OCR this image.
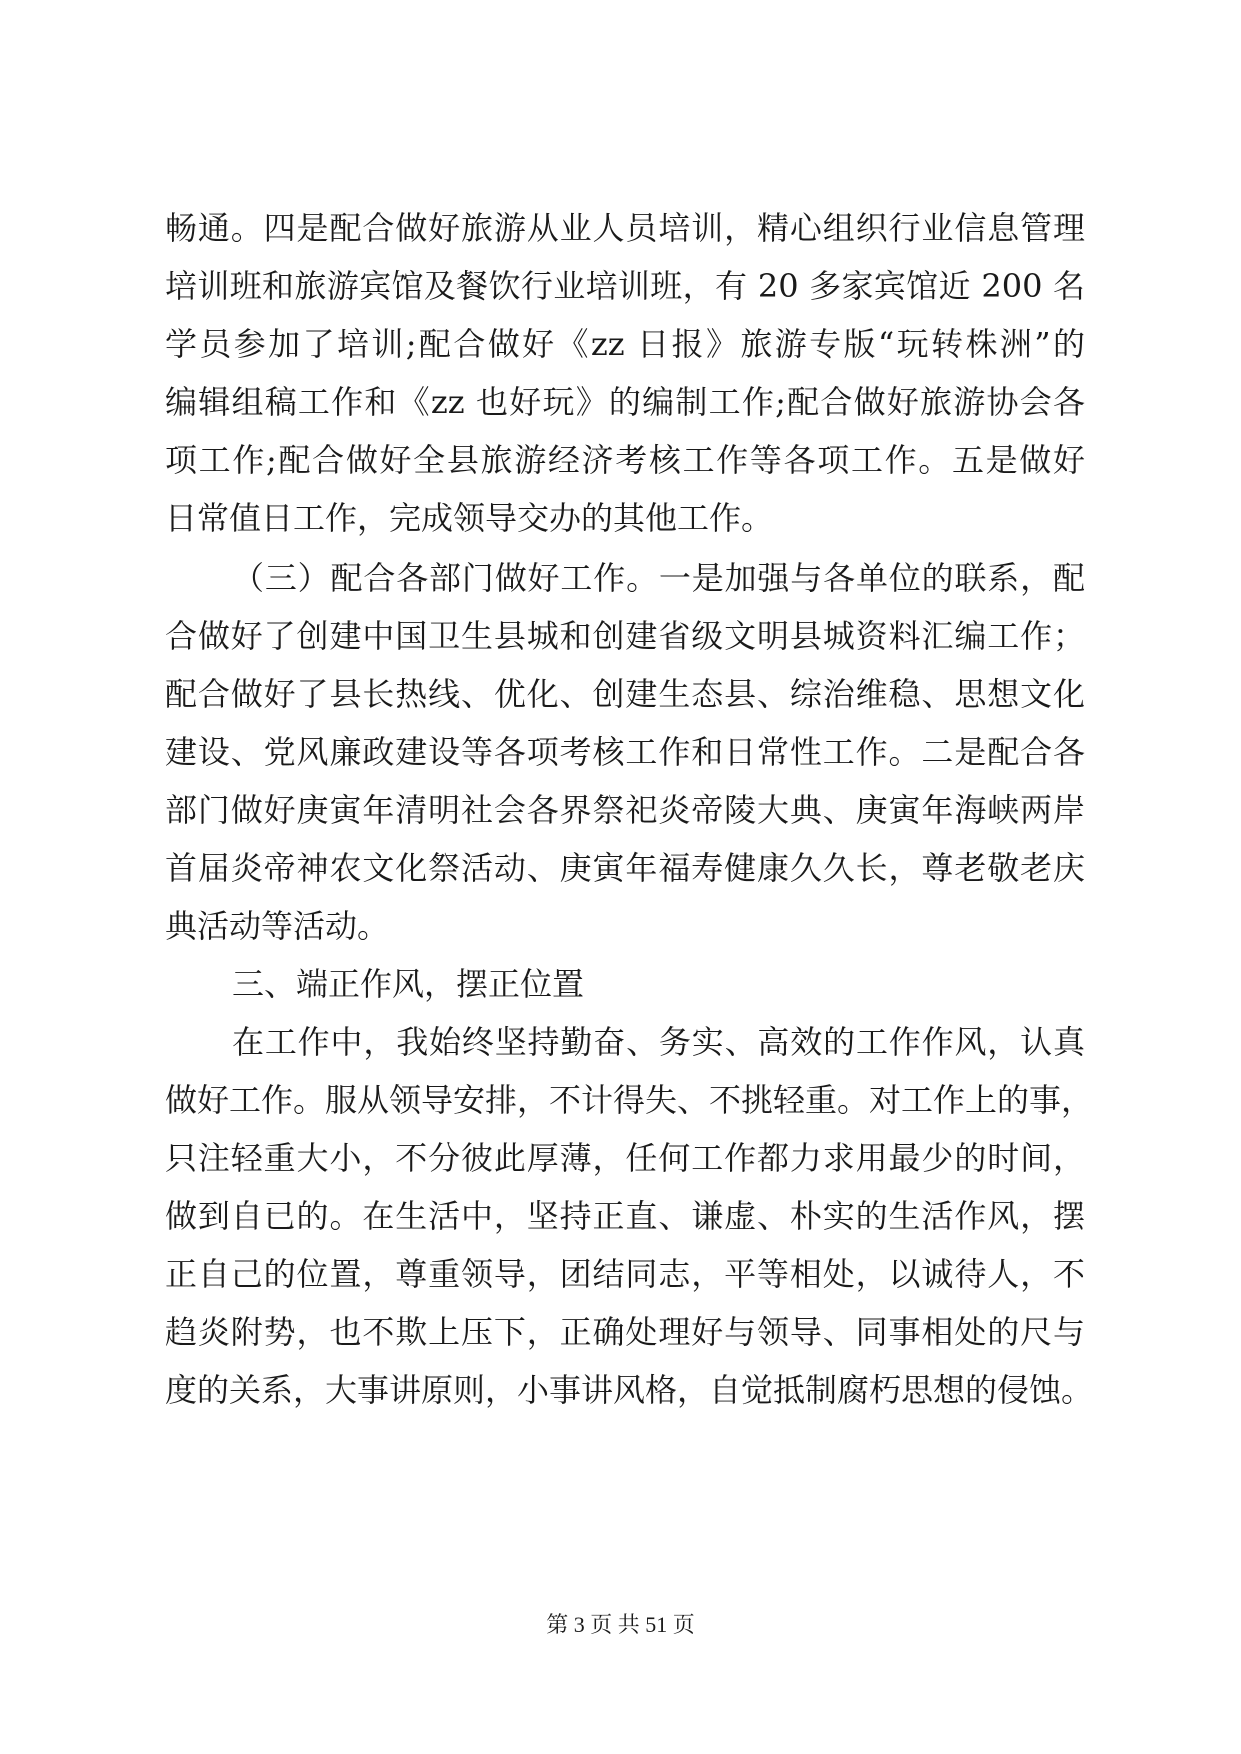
畅通。四是配合做好旅游从业人员培训，精心组织行业信息管理
培训班和旅游宾馆及餐饮行业培训班，有 20 多家宾馆近 200 名
学员参加了培训;配合做好《zz 日报》旅游专版“玩转株洲”的
编辑组稿工作和《zz 也好玩》的编制工作;配合做好旅游协会各
项工作;配合做好全县旅游经济考核工作等各项工作。五是做好
日常值日工作，完成领导交办的其他工作。
（三）配合各部门做好工作。一是加强与各单位的联系，配
合做好了创建中国卫生县城和创建省级文明县城资料汇编工作；
配合做好了县长热线、优化、创建生态县、综治维稳、思想文化
建设、党风廉政建设等各项考核工作和日常性工作。二是配合各
部门做好庚寅年清明社会各界祭祀炎帝陵大典、庚寅年海峡两岸
首届炎帝神农文化祭活动、庚寅年福寿健康久久长，尊老敬老庆
典活动等活动。
三、端正作风，摆正位置
在工作中，我始终坚持勤奋、务实、高效的工作作风，认真
做好工作。服从领导安排，不计得失、不挑轻重。对工作上的事，
只注轻重大小，不分彼此厚薄，任何工作都力求用最少的时间，
做到自已的。在生活中，坚持正直、谦虚、朴实的生活作风，摆
正自己的位置，尊重领导，团结同志，平等相处，以诚待人，不
趋炎附势，也不欺上压下，正确处理好与领导、同事相处的尺与
度的关系，大事讲原则，小事讲风格，自觉抵制腐朽思想的侵蚀。
第 3 页 共 51 页
